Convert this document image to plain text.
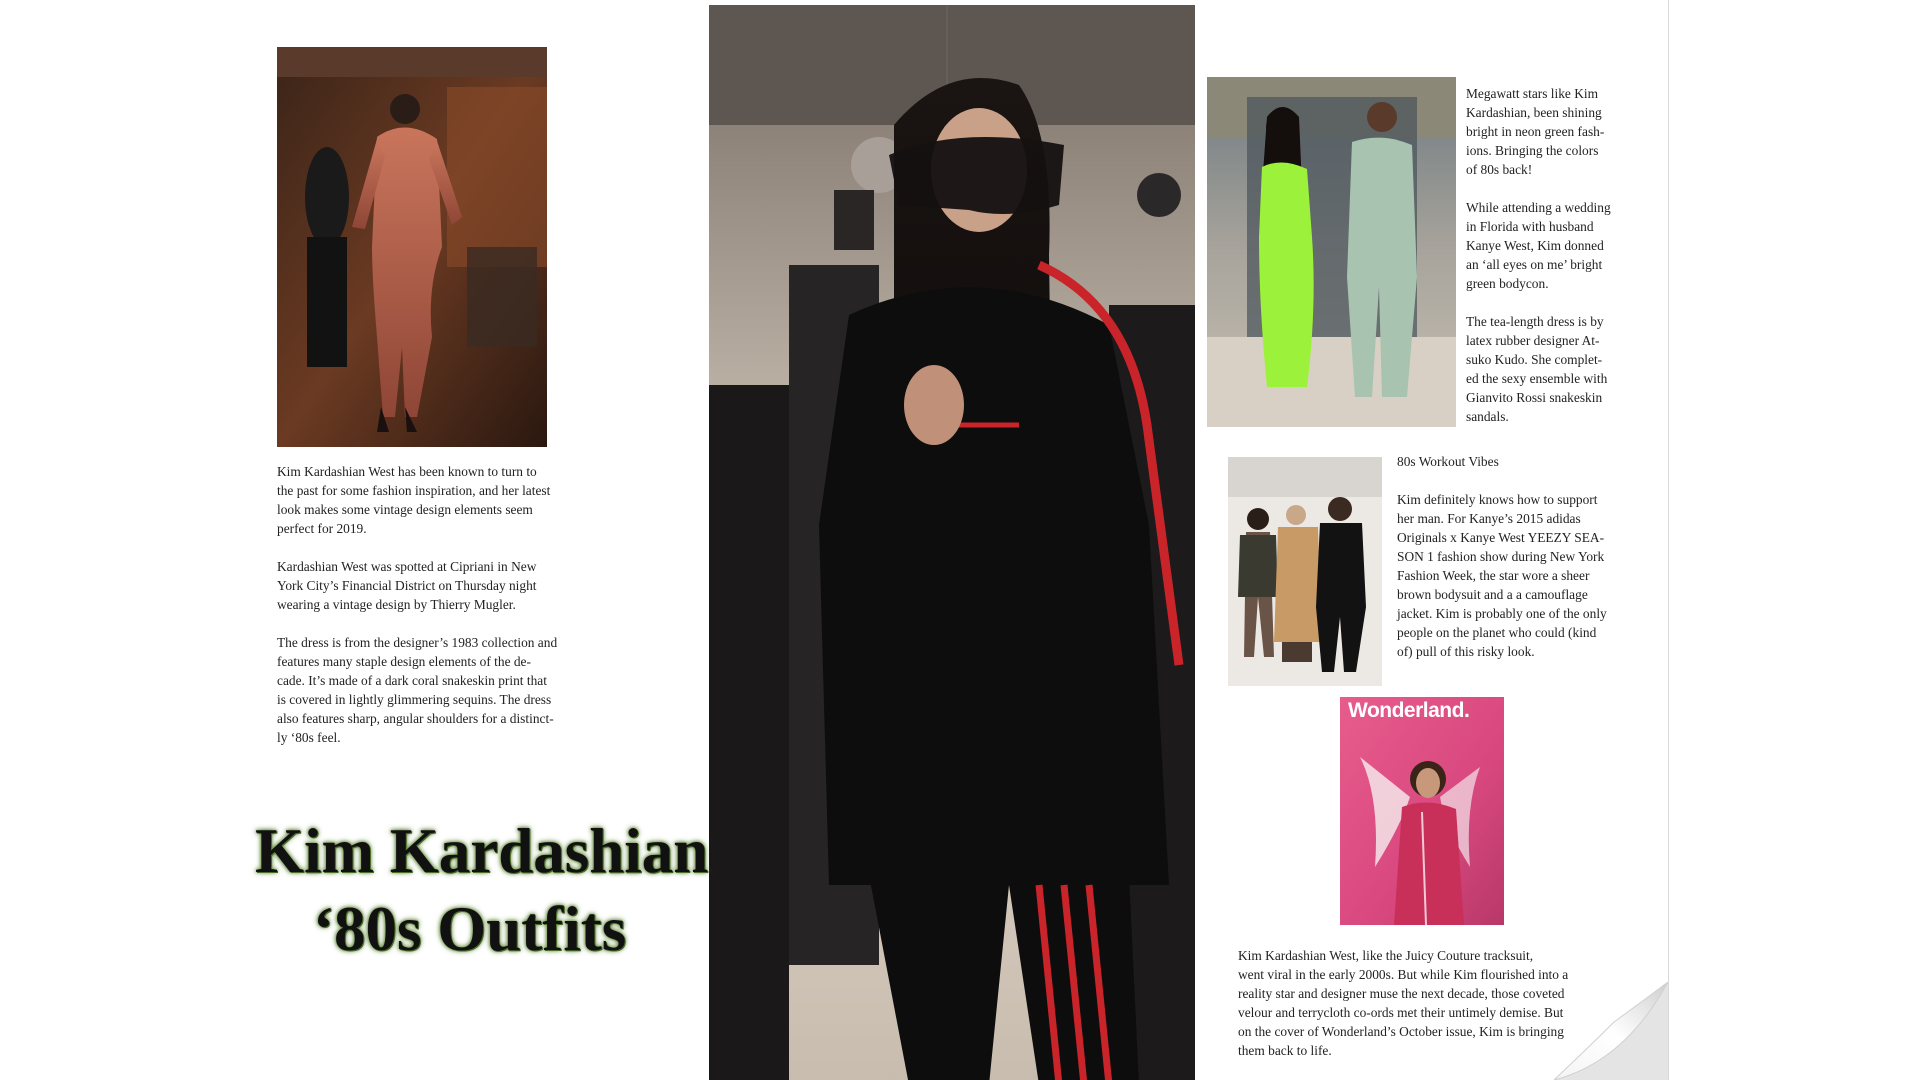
Kim Kardashian West has been known to turn to
the past for some fashion inspiration, and her latest
look makes some vintage design elements seem
perfect for 2019.

Kardashian West was spotted at Cipriani in New
York City’s Financial District on Thursday night
wearing a vintage design by Thierry Mugler.

The dress is from the designer’s 1983 collection and
features many staple design elements of the de-
cade. It’s made of a dark coral snakeskin print that
is covered in lightly glimmering sequins. The dress
also features sharp, angular shoulders for a distinct-
ly ‘80s feel.

Kim Kardashian
‘80s Outfits

Megawatt stars like Kim
Kardashian, been shining
bright in neon green fash-
ions. Bringing the colors
of 80s back!

While attending a wedding
in Florida with husband
Kanye West, Kim donned
an ‘all eyes on me’ bright
green bodycon.

The tea-length dress is by
latex rubber designer At-
suko Kudo. She complet-
ed the sexy ensemble with
Gianvito Rossi snakeskin
sandals.

80s Workout Vibes

Kim definitely knows how to support
her man. For Kanye’s 2015 adidas
Originals x Kanye West YEEZY SEA-
SON 1 fashion show during New York
Fashion Week, the star wore a sheer
brown bodysuit and a a camouflage
jacket. Kim is probably one of the only
people on the planet who could (kind
of) pull of this risky look.

Wonderland.

Kim Kardashian West, like the Juicy Couture tracksuit,
went viral in the early 2000s. But while Kim flourished into a
reality star and designer muse the next decade, those coveted
velour and terrycloth co-ords met their untimely demise. But
on the cover of Wonderland’s October issue, Kim is bringing
them back to life.
